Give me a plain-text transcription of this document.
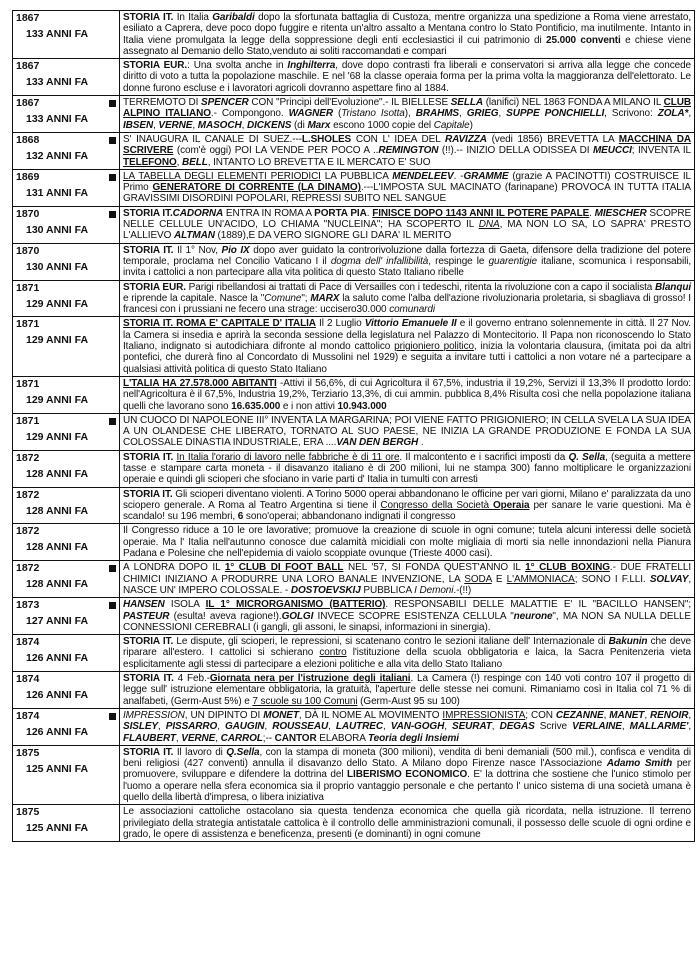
1867
133 ANNI FA	STORIA IT. In Italia Garibaldi dopo la sfortunata battaglia di Custoza, mentre organizza una spedizione a Roma viene arrestato, esiliato a Caprera, deve poco dopo fuggire e ritenta un'altro assalto a Mentana contro lo Stato Pontificio, ma inutilmente. Intanto in Italia viene promulgata la legge della soppressione degli enti ecclesiastici il cui patrimonio di 25.000 conventi e chiese viene assegnato al Demanio dello Stato,venduto ai soliti raccomandati e compari

1867
133 ANNI FA	STORIA EUR.: Una svolta anche in Inghilterra, dove dopo contrasti fra liberali e conservatori si arriva alla legge che concede diritto di voto a tutta la popolazione maschile. E nel '68 la classe operaia forma per la prima volta la maggioranza dell'elettorato. Le donne furono escluse e i lavoratori agricoli dovranno aspettare fino al 1884.

1867
133 ANNI FA	TERREMOTO DI SPENCER CON "Principi dell'Evoluzione".- IL BIELLESE SELLA (lanifici) NEL 1863 FONDA A MILANO IL CLUB ALPINO ITALIANO.- Compongono. WAGNER (Tristano Isotta), BRAHMS, GRIEG, SUPPE PONCHIELLI, Scrivono: ZOLA*, IBSEN, VERNE, MASOCH, DICKENS (di Marx escono 1000 copie del Capitale)

1868
132 ANNI FA	S' INAUGURA IL CANALE DI SUEZ.---L.SHOLES CON L' IDEA DEL RAVIZZA (vedi 1856) BREVETTA LA MACCHINA DA SCRIVERE (com'è oggi) POI LA VENDE PER POCO A ..REMINGTON (!!).-- INIZIO DELLA ODISSEA DI MEUCCI; INVENTA IL TELEFONO, BELL, INTANTO LO BREVETTA E IL MERCATO E' SUO

1869
131 ANNI FA	LA TABELLA DEGLI ELEMENTI PERIODICI LA PUBBLICA MENDELEEV. -GRAMME (grazie A PACINOTTI) COSTRUISCE IL Primo GENERATORE DI CORRENTE (LA DINAMO).---L'IMPOSTA SUL MACINATO (farinapane) PROVOCA IN TUTTA ITALIA GRAVISSIMI DISORDINI POPOLARI, REPRESSI SUBITO NEL SANGUE

1870
130 ANNI FA	STORIA IT.CADORNA ENTRA IN ROMA A PORTA PIA. FINISCE DOPO 1143 ANNI IL POTERE PAPALE. MIESCHER SCOPRE NELLE CELLULE UN'ACIDO, LO CHIAMA "NUCLEINA"; HA SCOPERTO IL DNA, MA NON LO SA, LO SAPRA' PRESTO L'ALLIEVO ALTMAN (1889),E DA VERO SIGNORE GLI DARA' IL MERITO

1870
130 ANNI FA	STORIA IT. Il 1° Nov, Pio IX dopo aver guidato la controrivoluzione dalla fortezza di Gaeta, difensore della tradizione del potere temporale, proclama nel Concilio Vaticano I il dogma dell' infallibilità, respinge le guarentigie italiane, scomunica i responsabili, invita i cattolici a non partecipare alla vita politica di questo Stato Italiano ribelle

1871
129 ANNI FA	STORIA EUR. Parigi ribellandosi ai trattati di Pace di Versailles con i tedeschi, ritenta la rivoluzione con a capo il socialista Blanqui e riprende la capitale. Nasce la "Comune"; MARX la saluto come l'alba dell'azione rivoluzionaria proletaria, si sbagliava di grosso! I francesi con i prussiani ne fecero una strage: uccisero30.000 comunardi

1871
129 ANNI FA	STORIA IT. ROMA E' CAPITALE D' ITALIA Il 2 Luglio Vittorio Emanuele II e il governo entrano solennemente in città. Il 27 Nov. la Camera si insedia e aprirà la seconda sessione della legislatura nel Palazzo di Montecitorio. Il Papa non riconoscendo lo Stato Italiano, indignato si autodichiara difronte al mondo cattolico prigioniero politico, inizia la volontaria clausura, (imitata poi da altri pontefici, che durerà fino al Concordato di Mussolini nel 1929) e seguita a invitare tutti i cattolici a non votare né a partecipare a qualsiasi attività politica di questo Stato Italiano

1871
129 ANNI FA	L'TALIA HA 27.578.000 ABITANTI -Attivi il 56,6%, di cui Agricoltura il 67,5%, industria il 19,2%, Servizi il 13,3% Il prodotto lordo: nell'Agricoltura è il 67,5%, Industria 19,2%, Terziario 13,3%, di cui ammin. pubblica 8,4% Risulta così che nella popolazione italiana quelli che lavorano sono 16.635.000 e i non attivi 10.943.000

1871
129 ANNI FA	UN CUOCO DI NAPOLEONE III° INVENTA LA MARGARINA; POI VIENE FATTO PRIGIONIERO; IN CELLA SVELA LA SUA IDEA A UN OLANDESE CHE LIBERATO, TORNATO AL SUO PAESE, NE INIZIA LA GRANDE PRODUZIONE E FONDA LA SUA COLOSSALE DINASTIA INDUSTRIALE, ERA ....VAN DEN BERGH .

1872
128 ANNI FA	STORIA IT. In Italia l'orario di lavoro nelle fabbriche è di 11 ore. Il malcontento e i sacrifici imposti da Q. Sella, (seguita a mettere tasse e stampare carta moneta - il disavanzo italiano è di 200 milioni, lui ne stampa 300) fanno moltiplicare le organizzazioni operaie e quindi gli scioperi che sfociano in varie parti d' Italia in tumulti con arresti

1872
128 ANNI FA	STORIA IT. Gli scioperi diventano violenti. A Torino 5000 operai abbandonano le officine per vari giorni, Milano e' paralizzata da uno sciopero generale. A Roma al Teatro Argentina si tiene il Congresso della Società Operaia per sanare le varie questioni. Ma è scandalo! su 196 membri, 6 sono'operai; abbandonano indignati il congresso

1872
128 ANNI FA	Il Congresso riduce a 10 le ore lavorative; promuove la creazione di scuole in ogni comune; tutela alcuni interessi delle società operaie. Ma l' Italia nell'autunno conosce due calamità micidiali con molte migliaia di morti sia nelle innondazioni nella Pianura Padana e Polesine che nell'epidemia di vaiolo scoppiate ovunque (Trieste 4000 casi).

1872
128 ANNI FA	A LONDRA DOPO IL 1° CLUB DI FOOT BALL NEL '57, SI FONDA QUEST'ANNO IL 1° CLUB BOXING.- DUE FRATELLI CHIMICI INIZIANO A PRODURRE UNA LORO BANALE INVENZIONE, LA SODA E L'AMMONIACA; SONO I F.LLI. SOLVAY, NASCE UN' IMPERO COLOSSALE. - DOSTOEVSKIJ PUBBLICA I Demoni.-(!!)

1873
127 ANNI FA	HANSEN ISOLA IL 1° MICRORGANISMO (BATTERIO). RESPONSABILI DELLE MALATTIE E' IL "BACILLO HANSEN"; PASTEUR (esulta! aveva ragione!).GOLGI INVECE SCOPRE ESISTENZA CELLULA "neurone", MA NON SA NULLA DELLE CONNESSIONI CEREBRALI (i gangli, gli assoni, le sinapsi, informazioni in sinergia).

1874
126 ANNI FA	STORIA IT. Le dispute, gli scioperi, le repressioni, si scatenano contro le sezioni italiane dell' Internazionale di Bakunin che deve riparare all'estero. I cattolici si schierano contro l'istituzione della scuola obbligatoria e laica, la Sacra Penitenzeria vieta esplicitamente agli stessi di partecipare a elezioni politiche e alla vita dello Stato Italiano

1874
126 ANNI FA	STORIA IT. 4 Feb.-Giornata nera per l'istruzione degli italiani. La Camera (!) respinge con 140 voti contro 107 il progetto di legge sull' istruzione elementare obbligatoria, la gratuità, l'aperture delle stesse nei comuni. Rimaniamo così in Italia col 71 % di analfabeti, (Germ-Aust 5%) e 7 scuole su 100 Comuni (Germ-Aust 95 su 100)

1874
126 ANNI FA	IMPRESSION, UN DIPINTO DI MONET, DÀ IL NOME AL MOVIMENTO IMPRESSIONISTA; CON CEZANNE, MANET, RENOIR, SISLEY, PISSARRO, GAUGIN, ROUSSEAU, LAUTREC, VAN-GOGH, SEURAT, DEGAS Scrive VERLAINE, MALLARME', FLAUBERT, VERNE, CARROL;-- CANTOR ELABORA Teoria degli Insiemi

1875
125 ANNI FA	STORIA IT. Il lavoro di Q.Sella, con la stampa di moneta (300 milioni), vendita di beni demaniali (500 mil.), confisca e vendita di beni religiosi (427 conventi) annulla il disavanzo dello Stato. A Milano dopo Firenze nasce l'Associazione Adamo Smith per promuovere, sviluppare e difendere la dottrina del LIBERISMO ECONOMICO. E' la dottrina che sostiene che l'unico stimolo per l'uomo a operare nella sfera economica sia il proprio vantaggio personale e che pertanto l' unico sistema di una società umana è quello della libertà d'impresa, o libera iniziativa

1875
125 ANNI FA	Le associazioni cattoliche ostacolano sia questa tendenza economica che quella già ricordata, nella istruzione. Il terreno privilegiato della strategia antistatale cattolica è il controllo delle amministrazioni comunali, il possesso delle scuole di ogni ordine e grado, le opere di assistenza e beneficenza, presenti (e dominanti) in ogni comune
